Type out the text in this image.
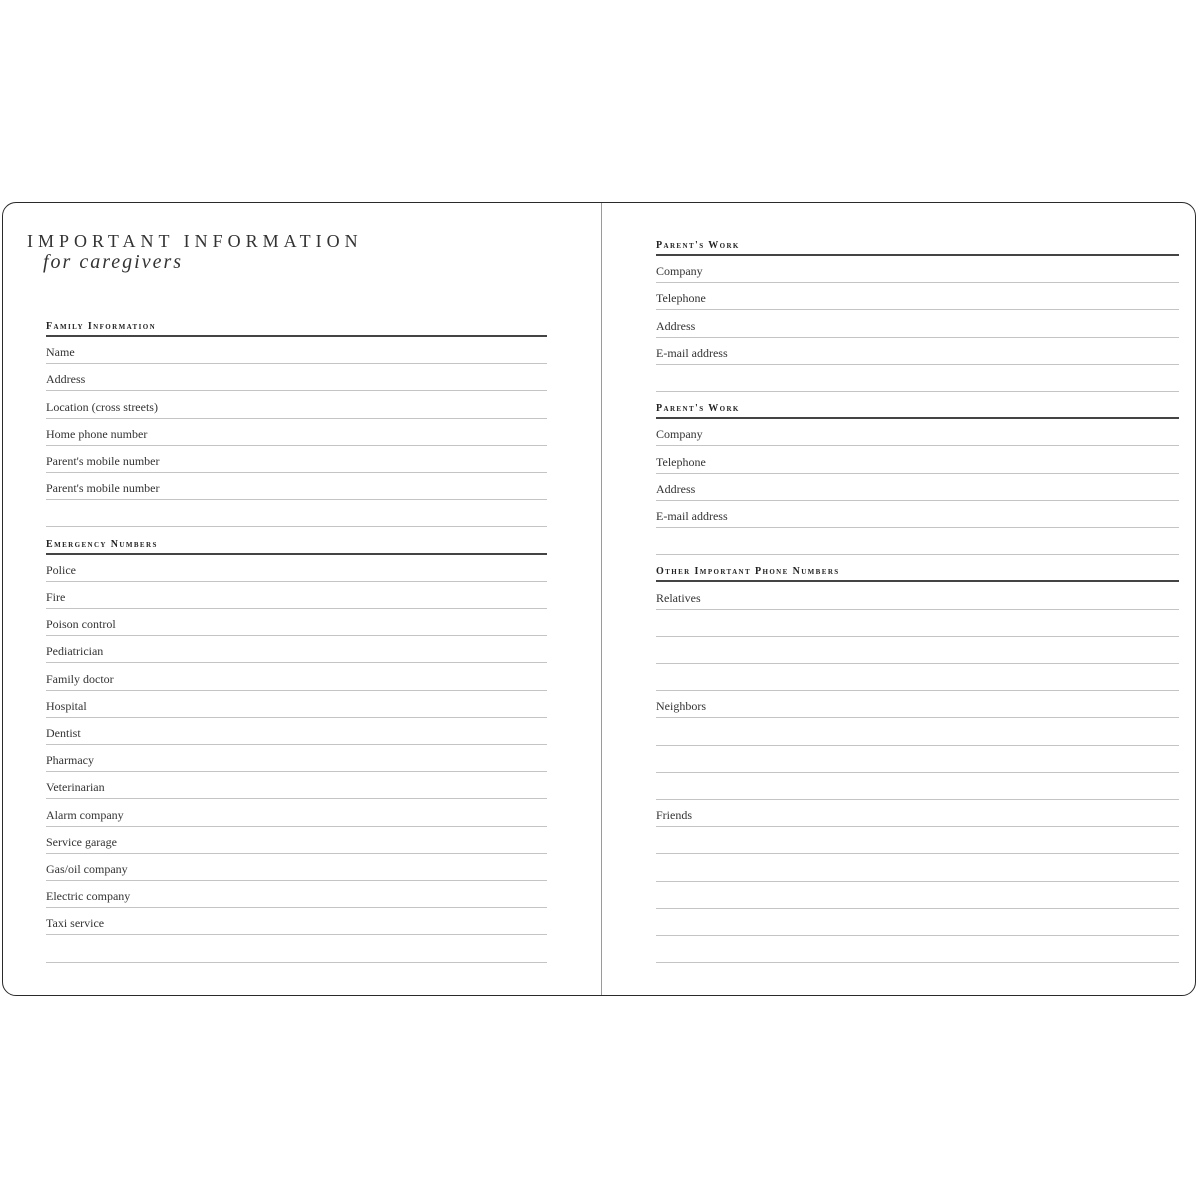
IMPORTANT INFORMATION
for caregivers
Family Information
Name
Address
Location (cross streets)
Home phone number
Parent's mobile number
Parent's mobile number
Emergency Numbers
Police
Fire
Poison control
Pediatrician
Family doctor
Hospital
Dentist
Pharmacy
Veterinarian
Alarm company
Service garage
Gas/oil company
Electric company
Taxi service
Parent's Work
Company
Telephone
Address
E-mail address
Parent's Work
Company
Telephone
Address
E-mail address
Other Important Phone Numbers
Relatives
Neighbors
Friends
